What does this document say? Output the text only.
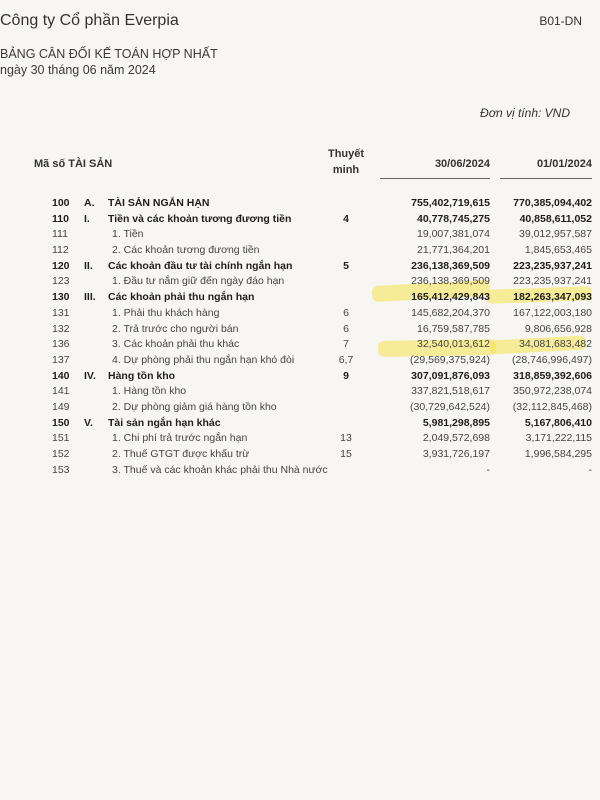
Công ty Cổ phần Everpia	B01-DN
BẢNG CÂN ĐỐI KẾ TOÁN HỢP NHẤT
ngày 30 tháng 06 năm 2024
Đơn vị tính: VND
Mã số TÀI SẢN
Thuyết minh	30/06/2024	01/01/2024
100	A. TÀI SẢN NGẮN HẠN	755,402,719,615 770,385,094,402
110	I. Tiền và các khoản tương đương tiền	4	40,778,745,275	40,858,611,052
111	1. Tiền	19,007,381,074	39,012,957,587
112	2. Các khoản tương đương tiền	21,771,364,201	1,845,653,465
120	II. Các khoản đầu tư tài chính ngắn hạn	5	236,138,369,509 223,235,937,241
123	1. Đầu tư nắm giữ đến ngày đáo hạn	236,138,369,509 223,235,937,241
130	III. Các khoản phải thu ngắn hạn	165,412,429,843 182,263,347,093
131	1. Phải thu khách hàng	6	145,682,204,370 167,122,003,180
132	2. Trả trước cho người bán	6	16,759,587,785	9,806,656,928
136	3. Các khoản phải thu khác	7	32,540,013,612	34,081,683,482
137	4. Dự phòng phải thu ngắn hạn khó đòi	6,7	(29,569,375,924) (28,746,996,497)
140	IV. Hàng tồn kho	9	307,091,876,093 318,859,392,606
141	1. Hàng tồn kho	337,821,518,617 350,972,238,074
149	2. Dự phòng giảm giá hàng tồn kho	(30,729,642,524) (32,112,845,468)
150	V. Tài sản ngắn hạn khác	5,981,298,895	5,167,806,410
151	1. Chi phí trả trước ngắn hạn	13	2,049,572,698	3,171,222,115
152	2. Thuế GTGT được khấu trừ	15	3,931,726,197	1,996,584,295
153	3. Thuế và các khoản khác phải thu Nhà nước	-	-
